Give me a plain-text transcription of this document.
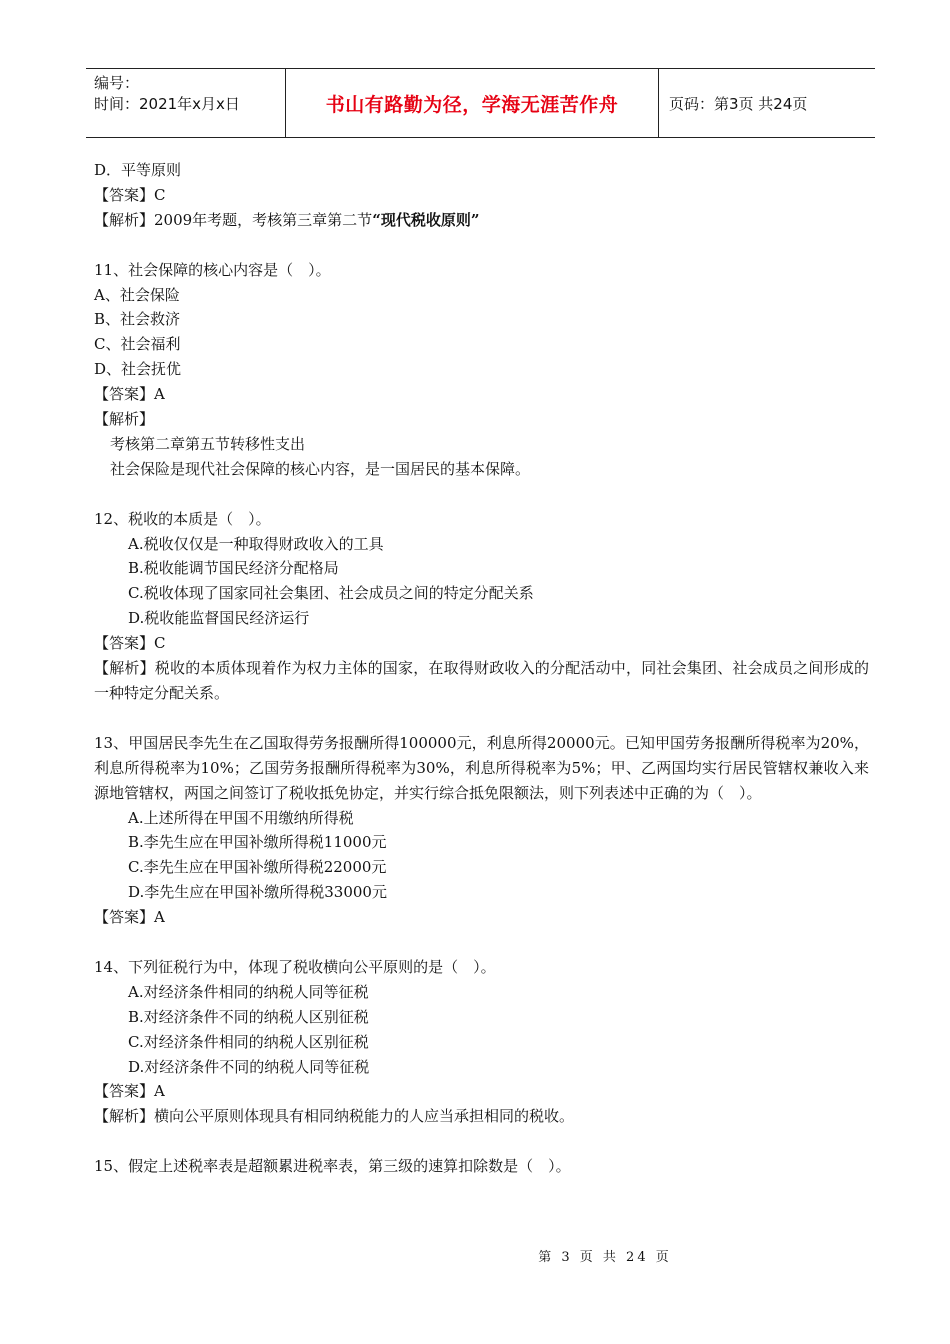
编号：
时间：2021年x月x日	书山有路勤为径，学海无涯苦作舟	页码：第3页 共24页
D．平等原则
【答案】C
【解析】2009年考题，考核第三章第二节“现代税收原则”
11、社会保障的核心内容是（　）。
A、社会保险
B、社会救济
C、社会福利
D、社会抚优
【答案】A
【解析】
考核第二章第五节转移性支出
社会保险是现代社会保障的核心内容，是一国居民的基本保障。
12、税收的本质是（　）。
A.税收仅仅是一种取得财政收入的工具
B.税收能调节国民经济分配格局
C.税收体现了国家同社会集团、社会成员之间的特定分配关系
D.税收能监督国民经济运行
【答案】C
【解析】税收的本质体现着作为权力主体的国家，在取得财政收入的分配活动中，同社会集团、社会成员之间形成的一种特定分配关系。
13、甲国居民李先生在乙国取得劳务报酬所得100000元，利息所得20000元。已知甲国劳务报酬所得税率为20%，利息所得税率为10%；乙国劳务报酬所得税率为30%，利息所得税率为5%；甲、乙两国均实行居民管辖权兼收入来源地管辖权，两国之间签订了税收抵免协定，并实行综合抵免限额法，则下列表述中正确的为（　）。
A.上述所得在甲国不用缴纳所得税
B.李先生应在甲国补缴所得税11000元
C.李先生应在甲国补缴所得税22000元
D.李先生应在甲国补缴所得税33000元
【答案】A
14、下列征税行为中，体现了税收横向公平原则的是（　）。
A.对经济条件相同的纳税人同等征税
B.对经济条件不同的纳税人区别征税
C.对经济条件相同的纳税人区别征税
D.对经济条件不同的纳税人同等征税
【答案】A
【解析】横向公平原则体现具有相同纳税能力的人应当承担相同的税收。
15、假定上述税率表是超额累进税率表，第三级的速算扣除数是（　）。
第 3 页 共 24 页
